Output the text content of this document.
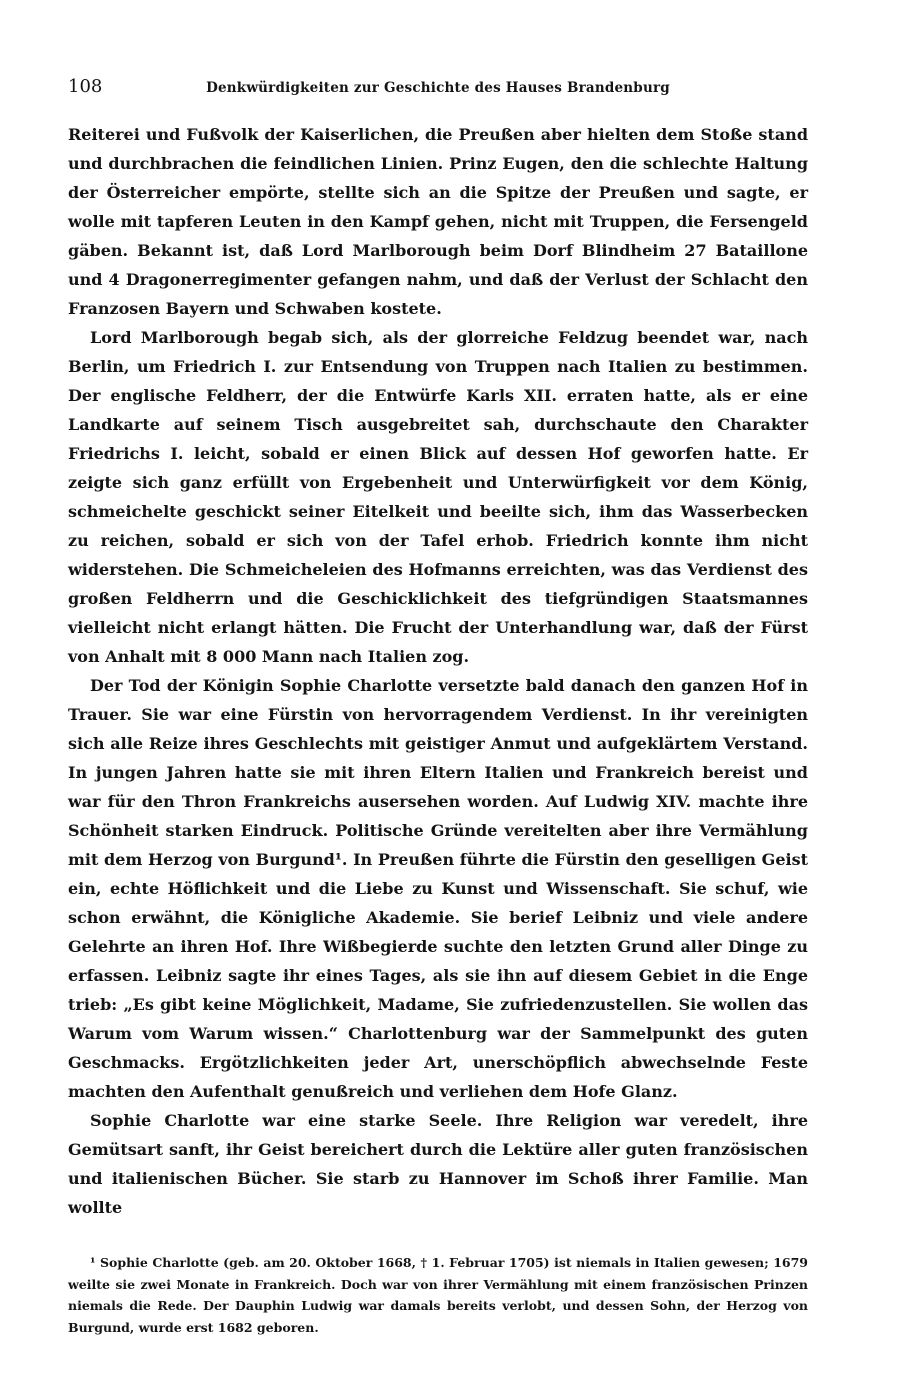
108	Denkwürdigkeiten zur Geschichte des Hauses Brandenburg

Reiterei und Fußvolk der Kaiserlichen, die Preußen aber hielten dem Stoße stand und durchbrachen die feindlichen Linien. Prinz Eugen, den die schlechte Haltung der Österreicher empörte, stellte sich an die Spitze der Preußen und sagte, er wolle mit tapferen Leuten in den Kampf gehen, nicht mit Truppen, die Fersengeld gäben. Bekannt ist, daß Lord Marlborough beim Dorf Blindheim 27 Bataillone und 4 Dragonerregimenter gefangen nahm, und daß der Verlust der Schlacht den Franzosen Bayern und Schwaben kostete.

Lord Marlborough begab sich, als der glorreiche Feldzug beendet war, nach Berlin, um Friedrich I. zur Entsendung von Truppen nach Italien zu bestimmen. Der englische Feldherr, der die Entwürfe Karls XII. erraten hatte, als er eine Landkarte auf seinem Tisch ausgebreitet sah, durchschaute den Charakter Friedrichs I. leicht, sobald er einen Blick auf dessen Hof geworfen hatte. Er zeigte sich ganz erfüllt von Ergebenheit und Unterwürfigkeit vor dem König, schmeichelte geschickt seiner Eitelkeit und beeilte sich, ihm das Wasserbecken zu reichen, sobald er sich von der Tafel erhob. Friedrich konnte ihm nicht widerstehen. Die Schmeicheleien des Hofmanns erreichten, was das Verdienst des großen Feldherrn und die Geschicklichkeit des tiefgründigen Staatsmannes vielleicht nicht erlangt hätten. Die Frucht der Unterhandlung war, daß der Fürst von Anhalt mit 8 000 Mann nach Italien zog.

Der Tod der Königin Sophie Charlotte versetzte bald danach den ganzen Hof in Trauer. Sie war eine Fürstin von hervorragendem Verdienst. In ihr vereinigten sich alle Reize ihres Geschlechts mit geistiger Anmut und aufgeklärtem Verstand. In jungen Jahren hatte sie mit ihren Eltern Italien und Frankreich bereist und war für den Thron Frankreichs ausersehen worden. Auf Ludwig XIV. machte ihre Schönheit starken Eindruck. Politische Gründe vereitelten aber ihre Vermählung mit dem Herzog von Burgund¹. In Preußen führte die Fürstin den geselligen Geist ein, echte Höflichkeit und die Liebe zu Kunst und Wissenschaft. Sie schuf, wie schon erwähnt, die Königliche Akademie. Sie berief Leibniz und viele andere Gelehrte an ihren Hof. Ihre Wißbegierde suchte den letzten Grund aller Dinge zu erfassen. Leibniz sagte ihr eines Tages, als sie ihn auf diesem Gebiet in die Enge trieb: „Es gibt keine Möglichkeit, Madame, Sie zufriedenzustellen. Sie wollen das Warum vom Warum wissen.“ Charlottenburg war der Sammelpunkt des guten Geschmacks. Ergötzlichkeiten jeder Art, unerschöpflich abwechselnde Feste machten den Aufenthalt genußreich und verliehen dem Hofe Glanz.

Sophie Charlotte war eine starke Seele. Ihre Religion war veredelt, ihre Gemütsart sanft, ihr Geist bereichert durch die Lektüre aller guten französischen und italienischen Bücher. Sie starb zu Hannover im Schoß ihrer Familie. Man wollte

¹ Sophie Charlotte (geb. am 20. Oktober 1668, † 1. Februar 1705) ist niemals in Italien gewesen; 1679 weilte sie zwei Monate in Frankreich. Doch war von ihrer Vermählung mit einem französischen Prinzen niemals die Rede. Der Dauphin Ludwig war damals bereits verlobt, und dessen Sohn, der Herzog von Burgund, wurde erst 1682 geboren.
